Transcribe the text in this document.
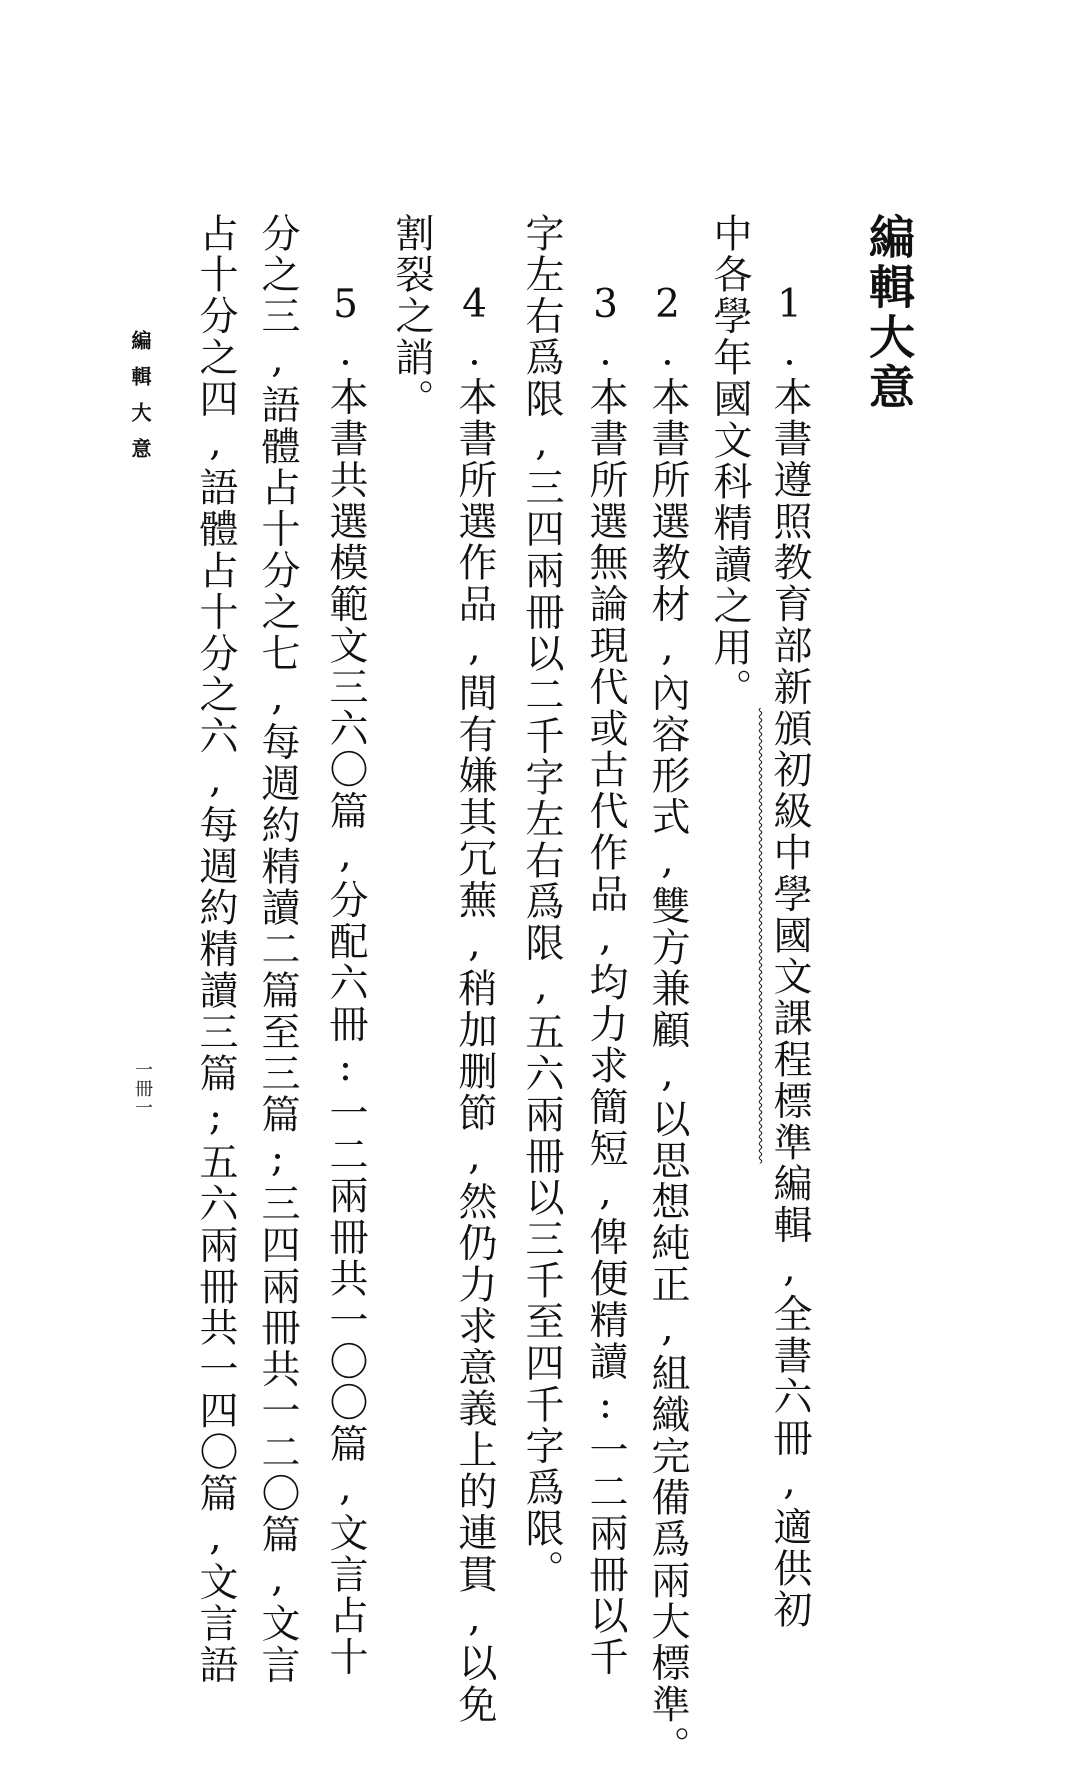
編輯大意
1.本書遵照教育部新頒初級中學國文課程標準編輯,全書六冊,適供初
中各學年國文科精讀之用。
2.本書所選教材,內容形式,雙方兼顧,以思想純正,組織完備爲兩大標準。
3.本書所選無論現代或古代作品,均力求簡短,俾便精讀:一二兩冊以千
字左右爲限,三四兩冊以二千字左右爲限,五六兩冊以三千至四千字爲限。
4.本書所選作品,間有嫌其冗蕪,稍加删節,然仍力求意義上的連貫,以免
割裂之誚。
5.本書共選模範文三六〇篇,分配六冊:一二兩冊共一〇〇篇,文言占十
分之三,語體占十分之七,每週約精讀二篇至三篇;三四兩冊共一二〇篇,文言
占十分之四,語體占十分之六,每週約精讀三篇;五六兩冊共一四〇篇,文言語
編輯大意
一冊一
